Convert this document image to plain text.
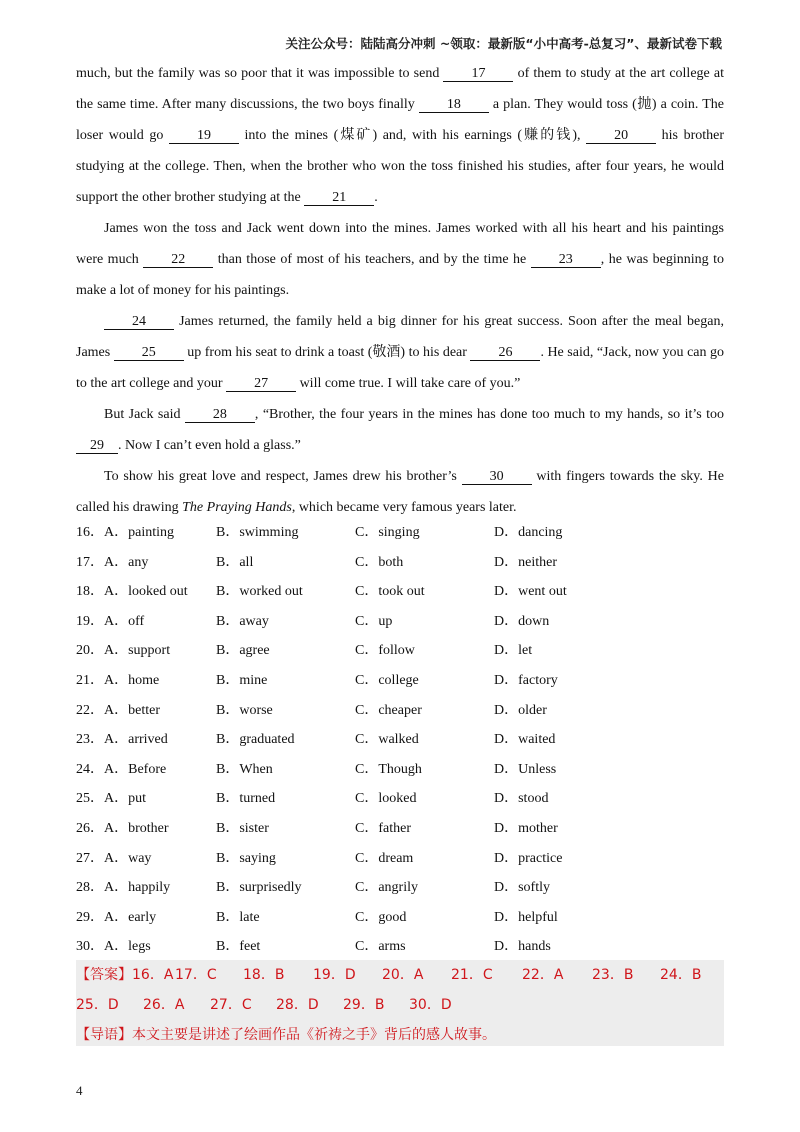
关注公众号：陆陆高分冲刺 ~领取：最新版“小中高考-总复习”、最新试卷下载

much, but the family was so poor that it was impossible to send 17 of them to study at the art college at the same time. After many discussions, the two boys finally 18 a plan. They would toss (抛) a coin. The loser would go 19 into the mines (煤矿) and, with his earnings (赚的钱), 20 his brother studying at the college. Then, when the brother who won the toss finished his studies, after four years, he would support the other brother studying at the 21 .

James won the toss and Jack went down into the mines. James worked with all his heart and his paintings were much 22 than those of most of his teachers, and by the time he 23 , he was beginning to make a lot of money for his paintings.

24 James returned, the family held a big dinner for his great success. Soon after the meal began, James 25 up from his seat to drink a toast (敬酒) to his dear 26 . He said, “Jack, now you can go to the art college and your 27 will come true. I will take care of you.”

But Jack said 28 , “Brother, the four years in the mines has done too much to my hands, so it’s too 29 . Now I can’t even hold a glass.”

To show his great love and respect, James drew his brother’s 30 with fingers towards the sky. He called his drawing The Praying Hands, which became very famous years later.

16．A．painting	B．swimming	C．singing	D．dancing
17．A．any	B．all	C．both	D．neither
18．A．looked out B．worked out	C．took out	D．went out
19．A．off	B．away	C．up	D．down
20．A．support	B．agree	C．follow	D．let
21．A．home	B．mine	C．college	D．factory
22．A．better	B．worse	C．cheaper	D．older
23．A．arrived	B．graduated	C．walked	D．waited
24．A．Before	B．When	C．Though	D．Unless
25．A．put	B．turned	C．looked	D．stood
26．A．brother	B．sister	C．father	D．mother
27．A．way	B．saying	C．dream	D．practice
28．A．happily	B．surprisedly	C．angrily	D．softly
29．A．early	B．late	C．good	D．helpful
30．A．legs	B．feet	C．arms	D．hands
【答案】16．A 17．C 18．B 19．D 20．A 21．C 22．A 23．B 24．B
25．D 26．A 27．C 28．D 29．B 30．D
【导语】本文主要是讲述了绘画作品《祈祷之手》背后的感人故事。
4
